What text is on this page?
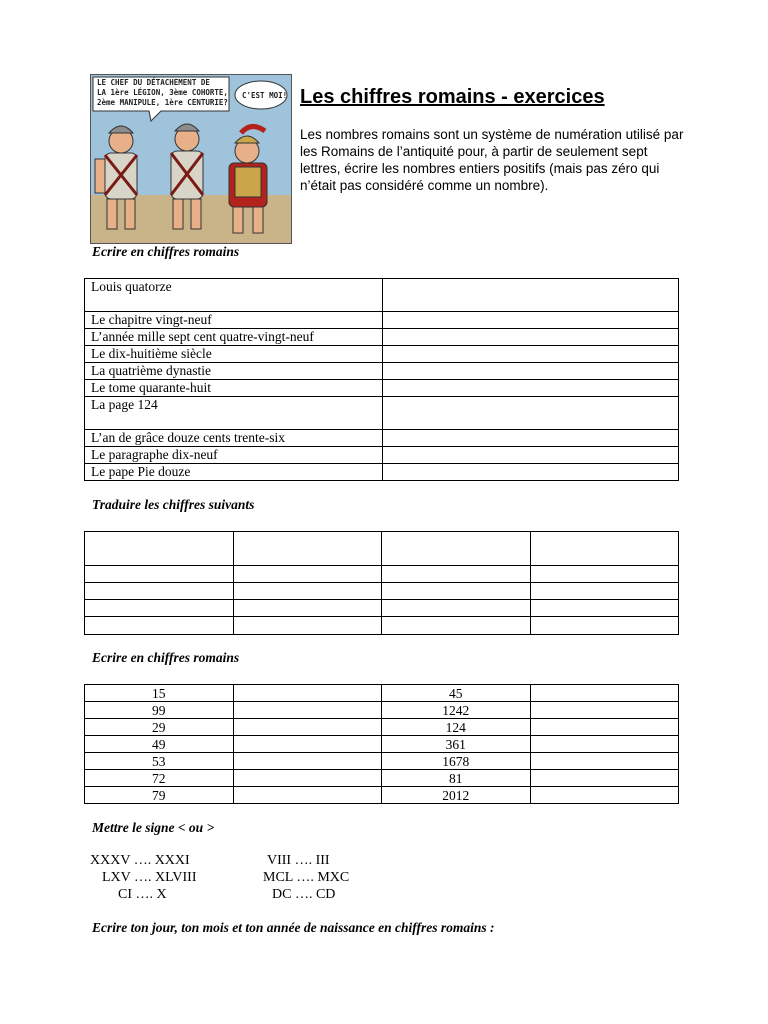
LE CHEF DU DÉTACHEMENT DE
LA 1ère LÉGION, 3ème COHORTE,
2ème MANIPULE, 1ère CENTURIE?
C'EST MOI! Les chiffres romains - exercices
Les nombres romains sont un système de numération utilisé par les Romains de l’antiquité pour, à partir de seulement sept lettres, écrire les nombres entiers positifs (mais pas zéro qui n’était pas considéré comme un nombre).
Ecrire en chiffres romains
Louis quatorze	
Le chapitre vingt-neuf	
L’année mille sept cent quatre-vingt-neuf	
Le dix-huitième siècle	
La quatrième dynastie	
Le tome quarante-huit	
La page 124	
L’an de grâce douze cents trente-six	
Le paragraphe dix-neuf	
Le pape Pie douze	
Traduire les chiffres suivants

Ecrire en chiffres romains
15		45	
99		1242	
29		124	
49		361	
53		1678	
72		81	
79		2012	
Mettre le signe < ou >
XXXV …. XXXI
LXV …. XLVIII
CI …. X
VIII …. III
MCL …. MXC
DC …. CD
Ecrire ton jour, ton mois et ton année de naissance en chiffres romains :
